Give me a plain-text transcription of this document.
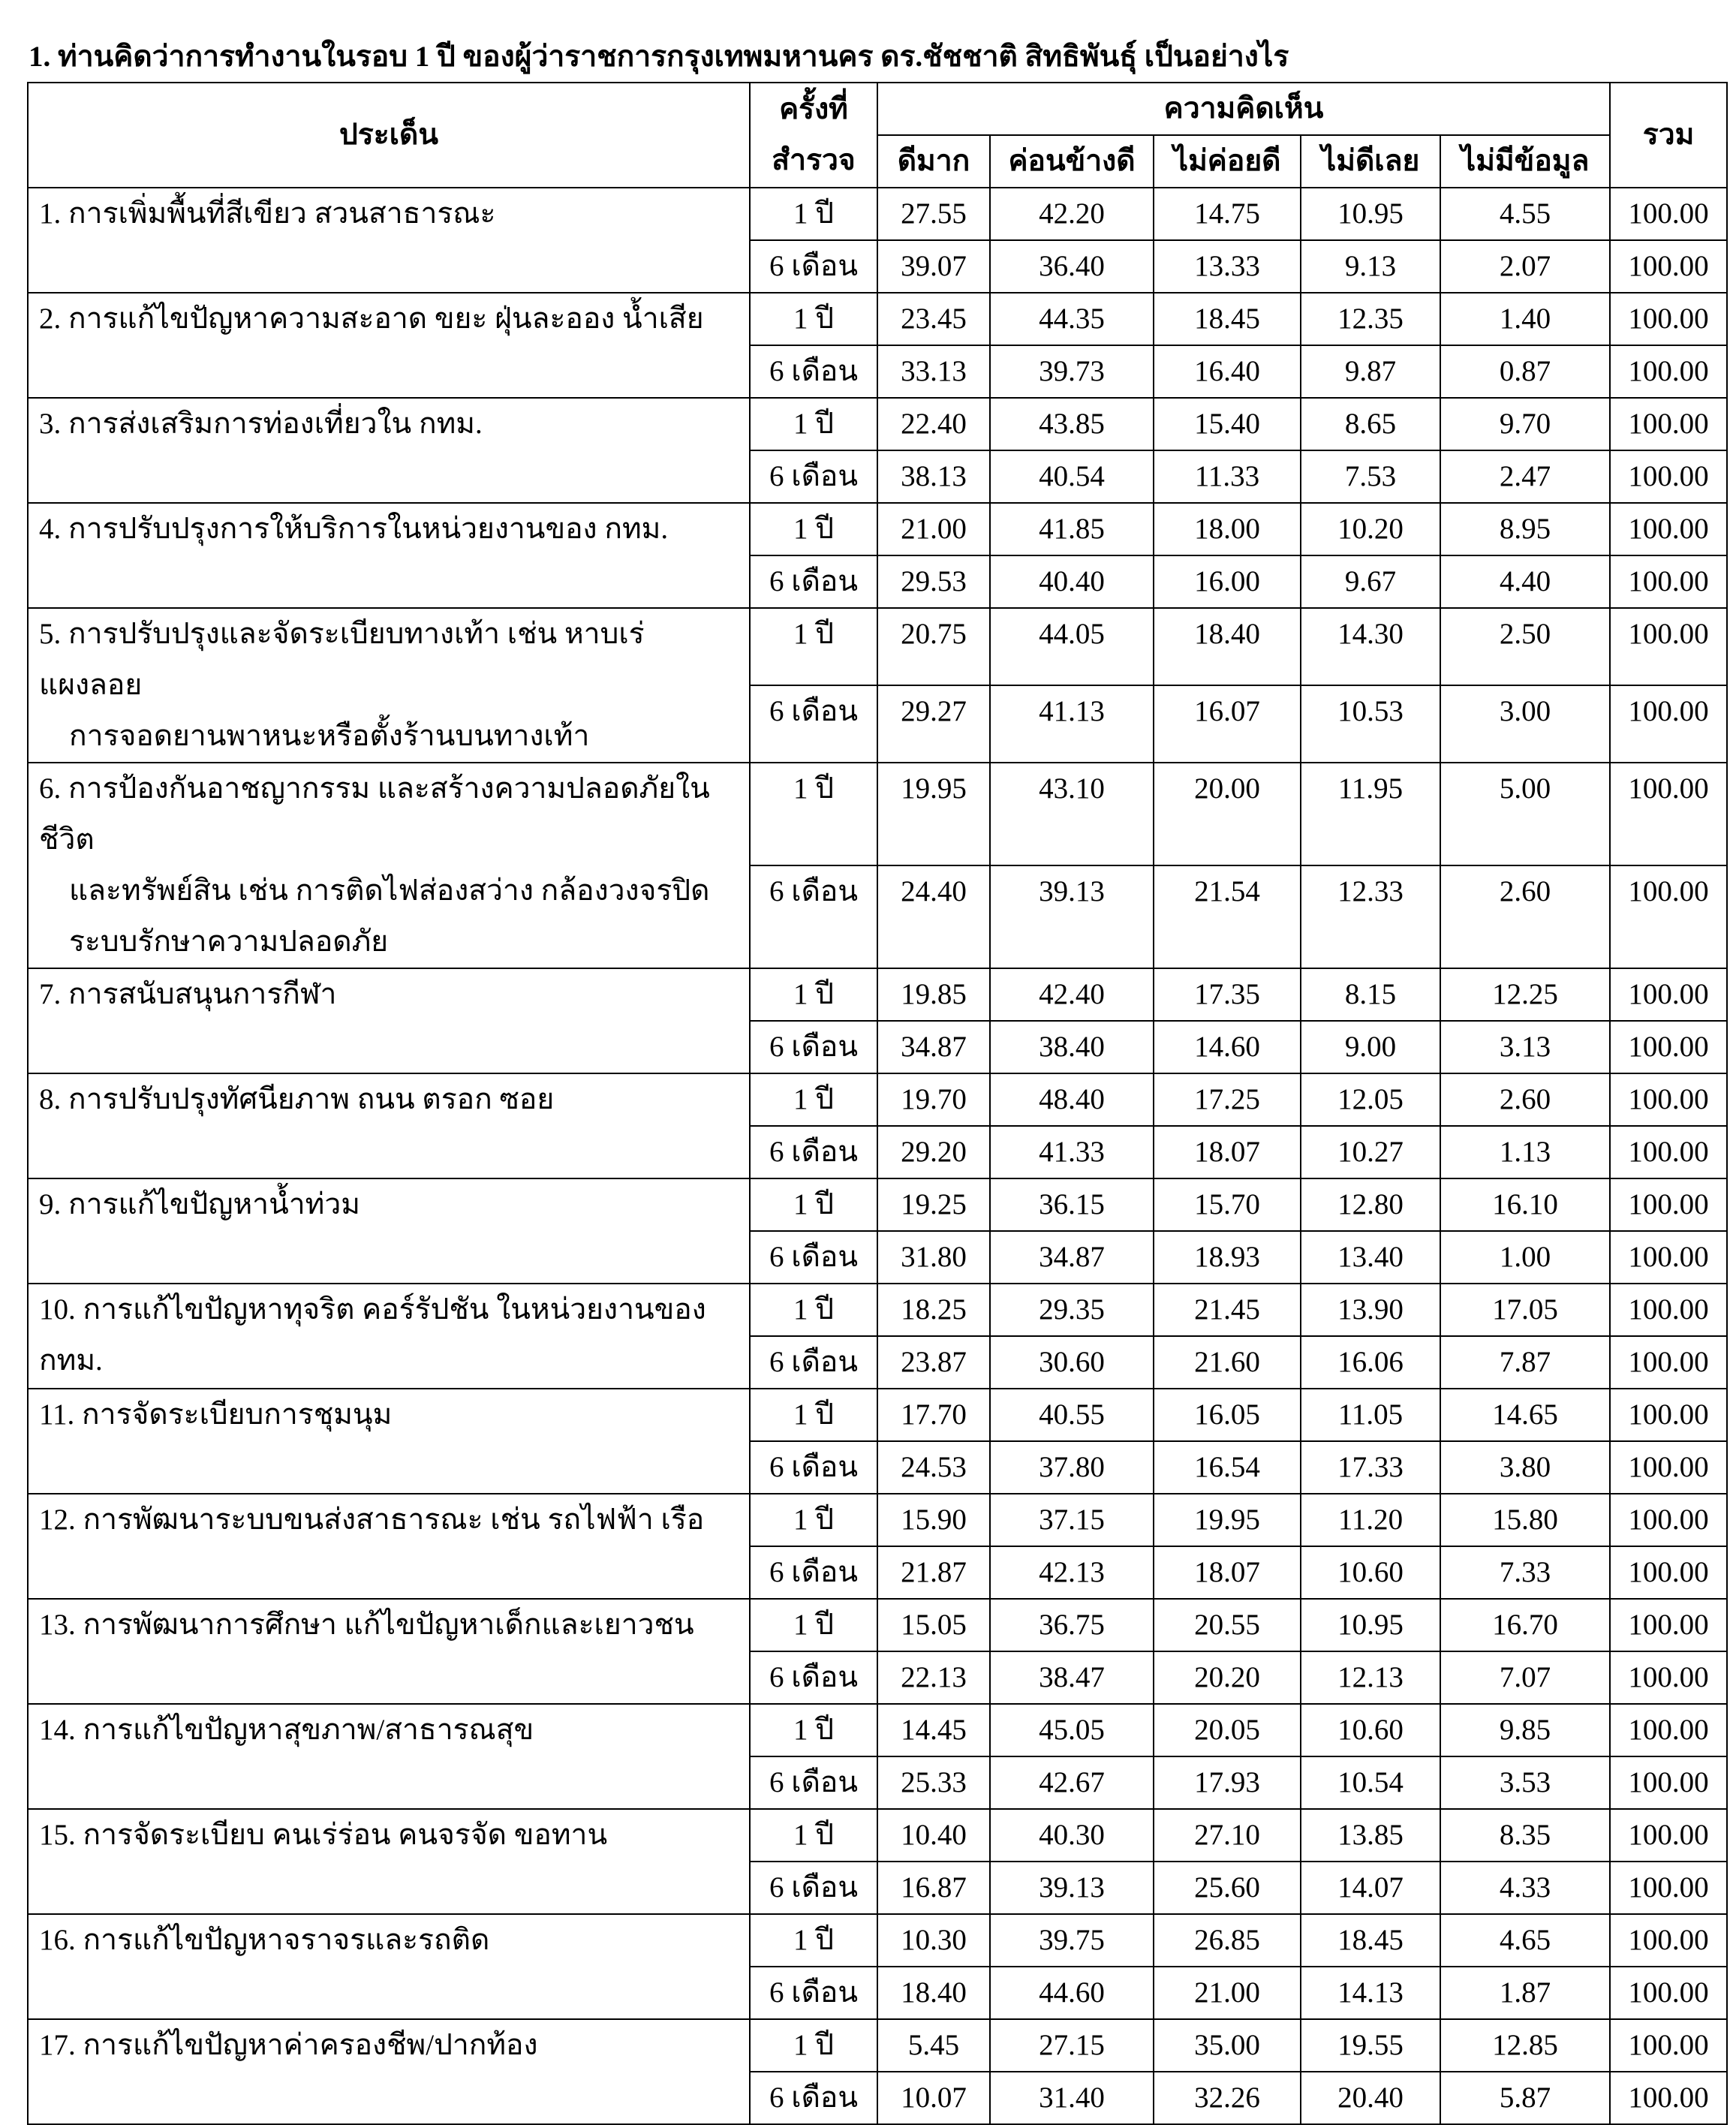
1. ท่านคิดว่าการทำงานในรอบ 1 ปี ของผู้ว่าราชการกรุงเทพมหานคร ดร.ชัชชาติ สิทธิพันธุ์ เป็นอย่างไร
ประเด็น	ครั้งที่
สำรวจ	ความคิดเห็น					รวม
		ดีมาก	ค่อนข้างดี	ไม่ค่อยดี	ไม่ดีเลย	ไม่มีข้อมูล	

1. การเพิ่มพื้นที่สีเขียว สวนสาธารณะ	1 ปี	27.55	42.20	14.75	10.95	4.55	100.00
	6 เดือน	39.07	36.40	13.33	9.13	2.07	100.00

2. การแก้ไขปัญหาความสะอาด ขยะ ฝุ่นละออง น้ำเสีย	1 ปี	23.45	44.35	18.45	12.35	1.40	100.00
	6 เดือน	33.13	39.73	16.40	9.87	0.87	100.00

3. การส่งเสริมการท่องเที่ยวใน กทม.	1 ปี	22.40	43.85	15.40	8.65	9.70	100.00
	6 เดือน	38.13	40.54	11.33	7.53	2.47	100.00

4. การปรับปรุงการให้บริการในหน่วยงานของ กทม.	1 ปี	21.00	41.85	18.00	10.20	8.95	100.00
	6 เดือน	29.53	40.40	16.00	9.67	4.40	100.00

5. การปรับปรุงและจัดระเบียบทางเท้า เช่น หาบเร่แผงลอย
การจอดยานพาหนะหรือตั้งร้านบนทางเท้า	1 ปี	20.75	44.05	18.40	14.30	2.50	100.00
	6 เดือน	29.27	41.13	16.07	10.53	3.00	100.00

6. การป้องกันอาชญากรรม และสร้างความปลอดภัยในชีวิต
และทรัพย์สิน เช่น การติดไฟส่องสว่าง กล้องวงจรปิด
ระบบรักษาความปลอดภัย	1 ปี	19.95	43.10	20.00	11.95	5.00	100.00
	6 เดือน	24.40	39.13	21.54	12.33	2.60	100.00

7. การสนับสนุนการกีฬา	1 ปี	19.85	42.40	17.35	8.15	12.25	100.00
	6 เดือน	34.87	38.40	14.60	9.00	3.13	100.00

8. การปรับปรุงทัศนียภาพ ถนน ตรอก ซอย	1 ปี	19.70	48.40	17.25	12.05	2.60	100.00
	6 เดือน	29.20	41.33	18.07	10.27	1.13	100.00

9. การแก้ไขปัญหาน้ำท่วม	1 ปี	19.25	36.15	15.70	12.80	16.10	100.00
	6 เดือน	31.80	34.87	18.93	13.40	1.00	100.00

10. การแก้ไขปัญหาทุจริต คอร์รัปชัน ในหน่วยงานของ กทม.	1 ปี	18.25	29.35	21.45	13.90	17.05	100.00
	6 เดือน	23.87	30.60	21.60	16.06	7.87	100.00

11. การจัดระเบียบการชุมนุม	1 ปี	17.70	40.55	16.05	11.05	14.65	100.00
	6 เดือน	24.53	37.80	16.54	17.33	3.80	100.00

12. การพัฒนาระบบขนส่งสาธารณะ เช่น รถไฟฟ้า เรือ	1 ปี	15.90	37.15	19.95	11.20	15.80	100.00
	6 เดือน	21.87	42.13	18.07	10.60	7.33	100.00

13. การพัฒนาการศึกษา แก้ไขปัญหาเด็กและเยาวชน	1 ปี	15.05	36.75	20.55	10.95	16.70	100.00
	6 เดือน	22.13	38.47	20.20	12.13	7.07	100.00

14. การแก้ไขปัญหาสุขภาพ/สาธารณสุข	1 ปี	14.45	45.05	20.05	10.60	9.85	100.00
	6 เดือน	25.33	42.67	17.93	10.54	3.53	100.00

15. การจัดระเบียบ คนเร่ร่อน คนจรจัด ขอทาน	1 ปี	10.40	40.30	27.10	13.85	8.35	100.00
	6 เดือน	16.87	39.13	25.60	14.07	4.33	100.00

16. การแก้ไขปัญหาจราจรและรถติด	1 ปี	10.30	39.75	26.85	18.45	4.65	100.00
	6 เดือน	18.40	44.60	21.00	14.13	1.87	100.00

17. การแก้ไขปัญหาค่าครองชีพ/ปากท้อง	1 ปี	5.45	27.15	35.00	19.55	12.85	100.00
	6 เดือน	10.07	31.40	32.26	20.40	5.87	100.00
